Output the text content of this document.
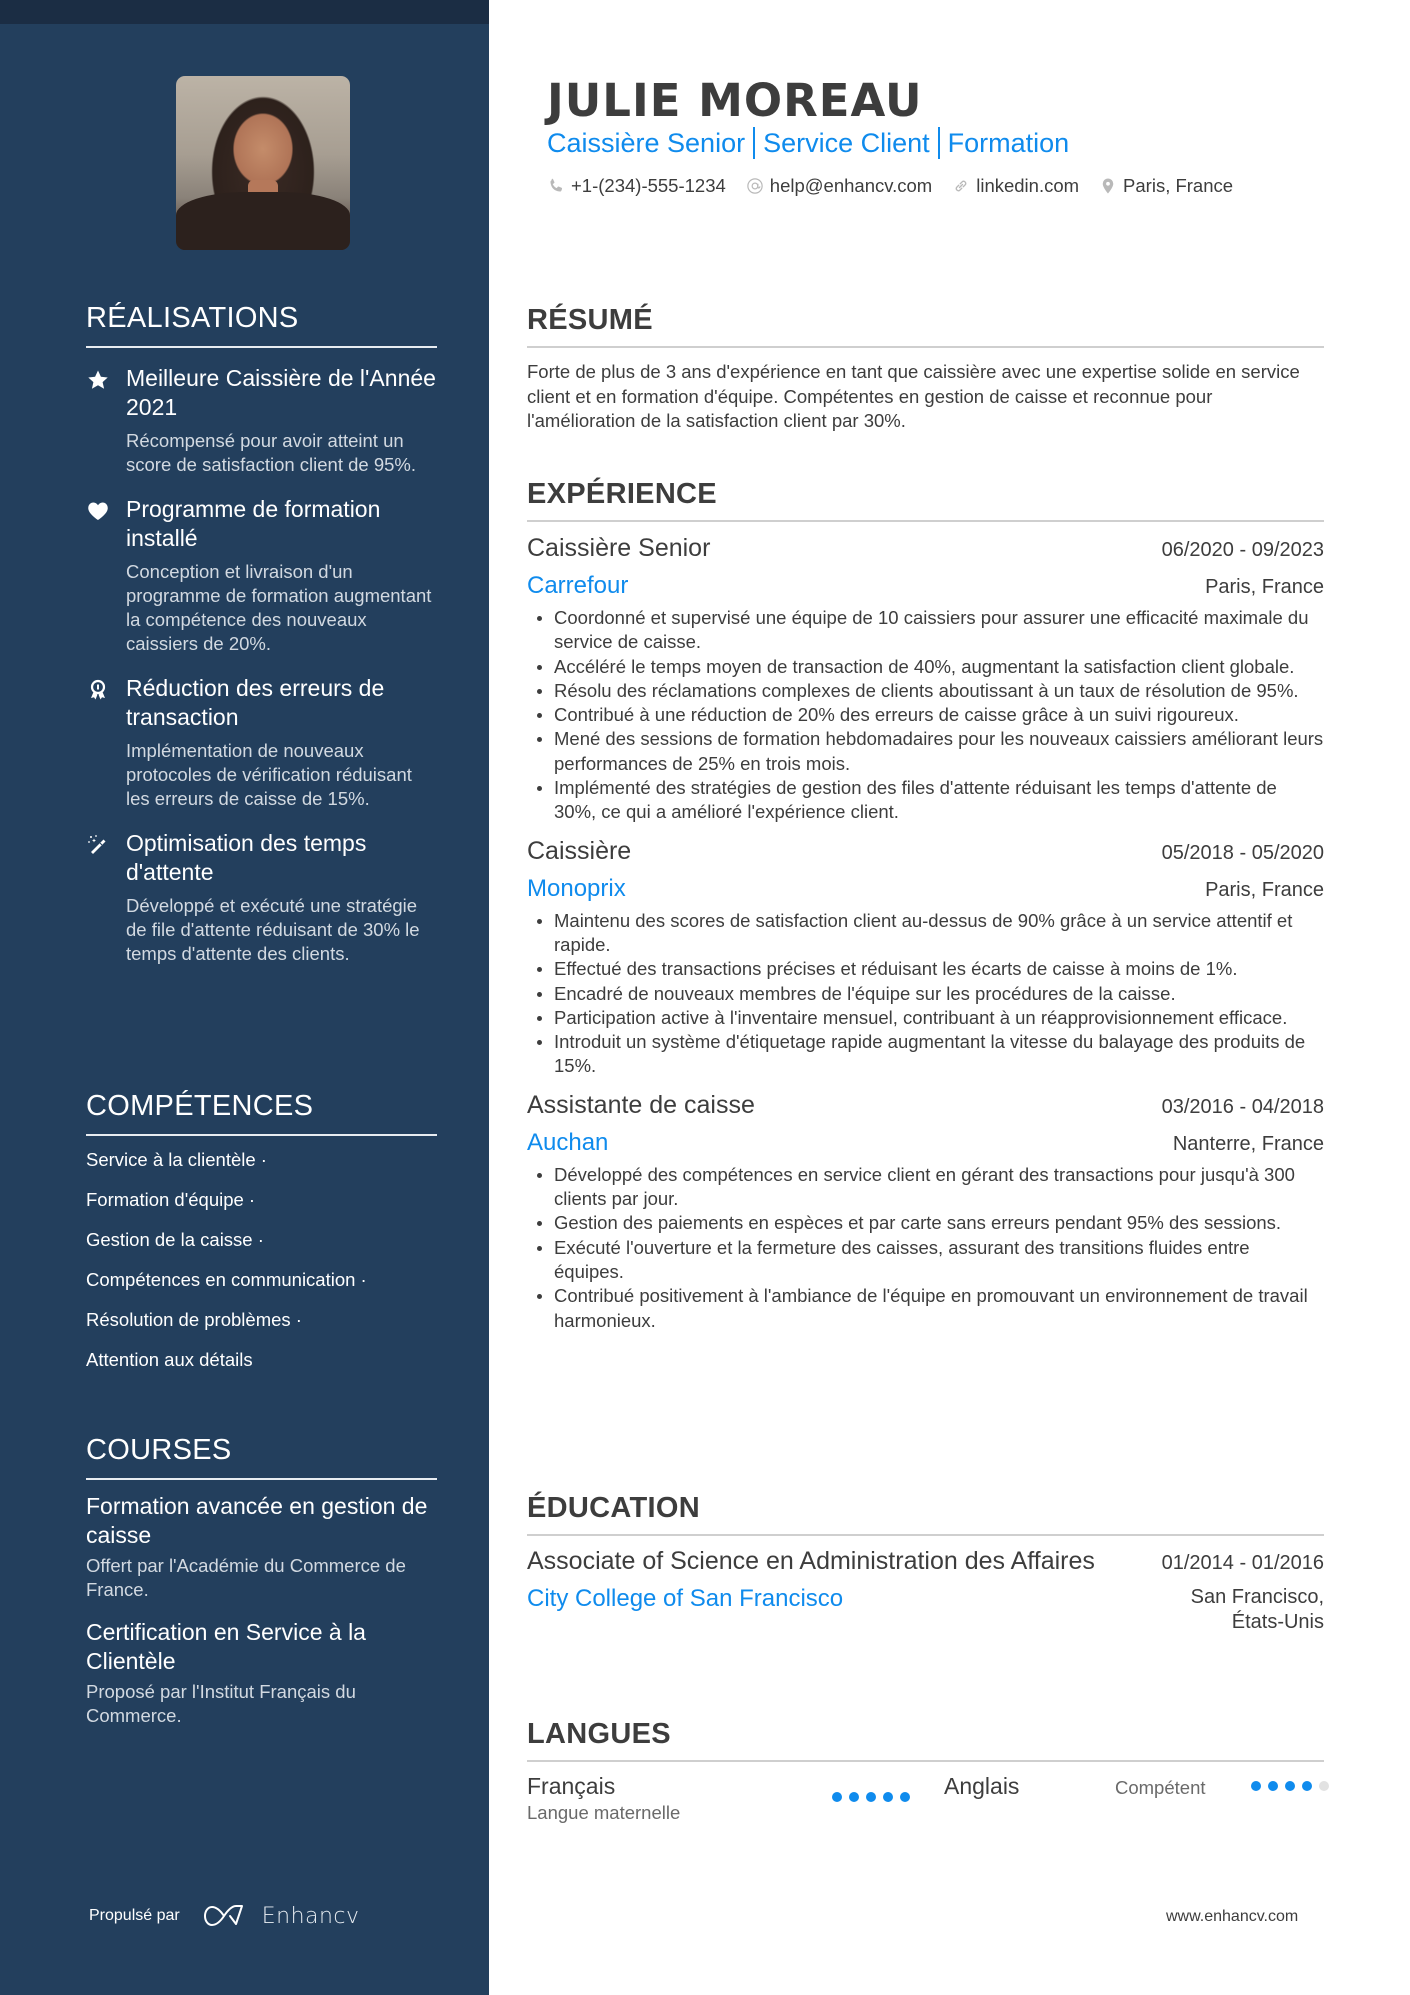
RÉALISATIONS
Meilleure Caissière de l'Année 2021
Récompensé pour avoir atteint un score de satisfaction client de 95%.
Programme de formation installé
Conception et livraison d'un programme de formation augmentant la compétence des nouveaux caissiers de 20%.
Réduction des erreurs de transaction
Implémentation de nouveaux protocoles de vérification réduisant les erreurs de caisse de 15%.
Optimisation des temps d'attente
Développé et exécuté une stratégie de file d'attente réduisant de 30% le temps d'attente des clients.
COMPÉTENCES
Service à la clientèle ·
Formation d'équipe ·
Gestion de la caisse ·
Compétences en communication ·
Résolution de problèmes ·
Attention aux détails
COURSES
Formation avancée en gestion de caisse
Offert par l'Académie du Commerce de France.
Certification en Service à la Clientèle
Proposé par l'Institut Français du Commerce.
Propulsé par	Enhancv
JULIE MOREAU
Caissière Senior Service Client Formation
+1-(234)-555-1234 help@enhancv.com linkedin.com Paris, France
RÉSUMÉ

Forte de plus de 3 ans d'expérience en tant que caissière avec une expertise solide en service client et en formation d'équipe. Compétentes en gestion de caisse et reconnue pour l'amélioration de la satisfaction client par 30%.

EXPÉRIENCE
Caissière Senior	06/2020 - 09/2023
Carrefour	Paris, France
Coordonné et supervisé une équipe de 10 caissiers pour assurer une efficacité maximale du service de caisse.
Accéléré le temps moyen de transaction de 40%, augmentant la satisfaction client globale.
Résolu des réclamations complexes de clients aboutissant à un taux de résolution de 95%.
Contribué à une réduction de 20% des erreurs de caisse grâce à un suivi rigoureux.
Mené des sessions de formation hebdomadaires pour les nouveaux caissiers améliorant leurs performances de 25% en trois mois.
Implémenté des stratégies de gestion des files d'attente réduisant les temps d'attente de 30%, ce qui a amélioré l'expérience client.
Caissière	05/2018 - 05/2020
Monoprix	Paris, France
Maintenu des scores de satisfaction client au-dessus de 90% grâce à un service attentif et rapide.
Effectué des transactions précises et réduisant les écarts de caisse à moins de 1%.
Encadré de nouveaux membres de l'équipe sur les procédures de la caisse.
Participation active à l'inventaire mensuel, contribuant à un réapprovisionnement efficace.
Introduit un système d'étiquetage rapide augmentant la vitesse du balayage des produits de 15%.
Assistante de caisse	03/2016 - 04/2018
Auchan	Nanterre, France
Développé des compétences en service client en gérant des transactions pour jusqu'à 300 clients par jour.
Gestion des paiements en espèces et par carte sans erreurs pendant 95% des sessions.
Exécuté l'ouverture et la fermeture des caisses, assurant des transitions fluides entre équipes.
Contribué positivement à l'ambiance de l'équipe en promouvant un environnement de travail harmonieux.
ÉDUCATION
Associate of Science en Administration des Affaires	01/2014 - 01/2016
City College of San Francisco	San Francisco,
États-Unis
LANGUES
Français
Langue maternelle
Anglais	Compétent
www.enhancv.com
